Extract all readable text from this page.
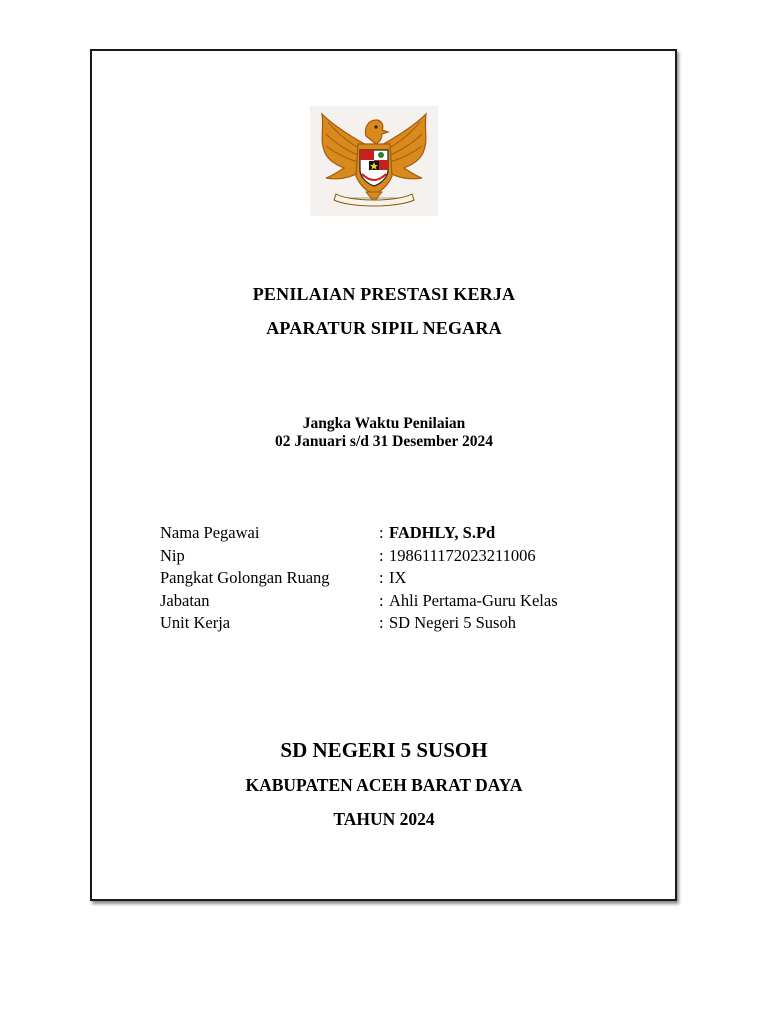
PENILAIAN PRESTASI KERJA
APARATUR SIPIL NEGARA
Jangka Waktu Penilaian
02 Januari s/d 31 Desember 2024
Nama Pegawai	: FADHLY, S.Pd
Nip	: 198611172023211006
Pangkat Golongan Ruang	: IX
Jabatan	: Ahli Pertama-Guru Kelas
Unit Kerja	: SD Negeri 5 Susoh
SD NEGERI 5 SUSOH
KABUPATEN ACEH BARAT DAYA
TAHUN 2024
